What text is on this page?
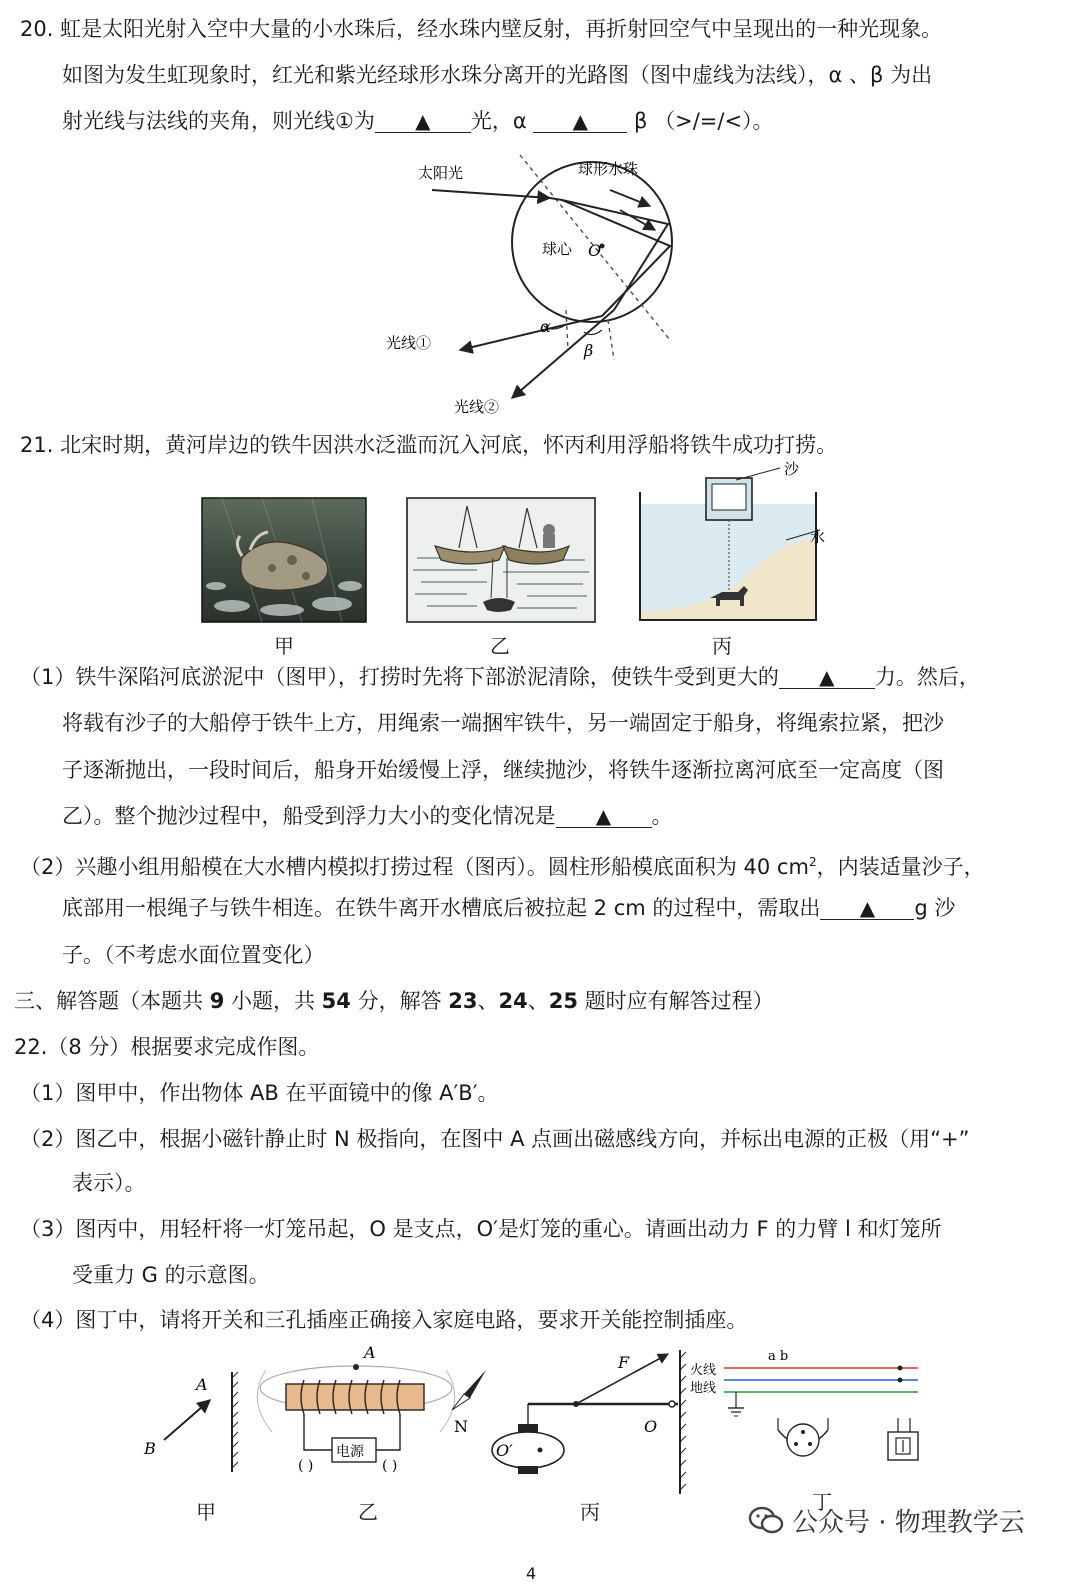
20. 虹是太阳光射入空中大量的小水珠后，经水珠内壁反射，再折射回空气中呈现出的一种光现象。
如图为发生虹现象时，红光和紫光经球形水珠分离开的光路图（图中虚线为法线），α 、β 为出
射光线与法线的夹角，则光线①为 ▲ 光，α ▲ β （>/=/<）。
太阳光	球形水珠
球心 O
α
β
光线①
光线②
21. 北宋时期，黄河岸边的铁牛因洪水泛滥而沉入河底，怀丙利用浮船将铁牛成功打捞。
甲	乙
沙
水
丙
（1）铁牛深陷河底淤泥中（图甲），打捞时先将下部淤泥清除，使铁牛受到更大的 ▲ 力。然后，
将载有沙子的大船停于铁牛上方，用绳索一端捆牢铁牛，另一端固定于船身，将绳索拉紧，把沙
子逐渐抛出，一段时间后，船身开始缓慢上浮，继续抛沙，将铁牛逐渐拉离河底至一定高度（图
乙）。整个抛沙过程中，船受到浮力大小的变化情况是 ▲ 。
（2）兴趣小组用船模在大水槽内模拟打捞过程（图丙）。圆柱形船模底面积为 40 $cm^2$，内装适量沙子，
底部用一根绳子与铁牛相连。在铁牛离开水槽底后被拉起 2 cm 的过程中，需取出 ▲ g 沙
子。（不考虑水面位置变化）
三、解答题（本题共 9 小题，共 54 分，解答 23、24、25 题时应有解答过程）
22.（8 分）根据要求完成作图。
（1）图甲中，作出物体 AB 在平面镜中的像 A′B′。
（2）图乙中，根据小磁针静止时 N 极指向，在图中 A 点画出磁感线方向，并标出电源的正极（用“+”
表示）。
（3）图丙中，用轻杆将一灯笼吊起，O 是支点，O′是灯笼的重心。请画出动力 F 的力臂 l 和灯笼所
受重力 G 的示意图。
（4）图丁中，请将开关和三孔插座正确接入家庭电路，要求开关能控制插座。
A
B
甲
电源
( )	( )
A
N
乙
O′
F
O
丙
a b
火线
地线
丁
4
公众号 · 物理教学云
